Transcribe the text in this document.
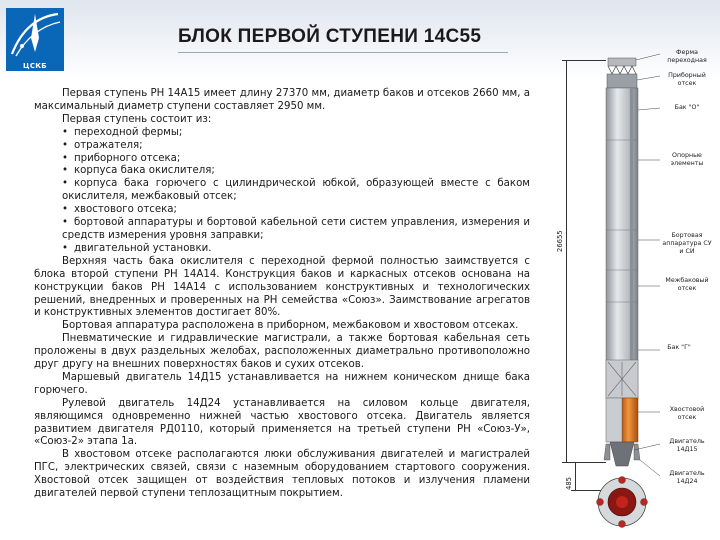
ЦСКБ ПРОГРЕСС
БЛОК ПЕРВОЙ СТУПЕНИ 14С55

Первая ступень РН 14А15 имеет длину 27370 мм, диаметр баков и отсеков 2660 мм, а максимальный диаметр ступени составляет 2950 мм.

Первая ступень состоит из:

• переходной фермы;

• отражателя;

• приборного отсека;

• корпуса бака окислителя;

• корпуса бака горючего с цилиндрической юбкой, образующей вместе с баком окислителя, межбаковый отсек;

• хвостового отсека;

• бортовой аппаратуры и бортовой кабельной сети систем управления, измерения и средств измерения уровня заправки;

• двигательной установки.

Верхняя часть бака окислителя с переходной фермой полностью заимствуется с блока второй ступени РН 14А14. Конструкция баков и каркасных отсеков основана на конструкции баков РН 14А14 с использованием конструктивных и технологических решений, внедренных и проверенных на РН семейства «Союз». Заимствование агрегатов и конструктивных элементов достигает 80%.

Бортовая аппаратура расположена в приборном, межбаковом и хвостовом отсеках.

Пневматические и гидравлические магистрали, а также бортовая кабельная сеть проложены в двух раздельных желобах, расположенных диаметрально противоположно друг другу на внешних поверхностях баков и сухих отсеков.

Маршевый двигатель 14Д15 устанавливается на нижнем коническом днище бака горючего.

Рулевой двигатель 14Д24 устанавливается на силовом кольце двигателя, являющимся одновременно нижней частью хвостового отсека. Двигатель является развитием двигателя РД0110, который применяется на третьей ступени РН «Союз-У», «Союз-2» этапа 1а.

В хвостовом отсеке располагаются люки обслуживания двигателей и магистралей ПГС, электрических связей, связи с наземным оборудованием стартового сооружения. Хвостовой отсек защищен от воздействия тепловых потоков и излучения пламени двигателей первой ступени теплозащитным покрытием.

26655
485
Ферма переходная
Приборный отсек
Бак "О"
Опорные элементы
Бортовая аппаратура СУ и СИ
Межбаковый отсек
Бак "Г"
Хвостовой отсек
Двигатель 14Д15
Двигатель 14Д24
